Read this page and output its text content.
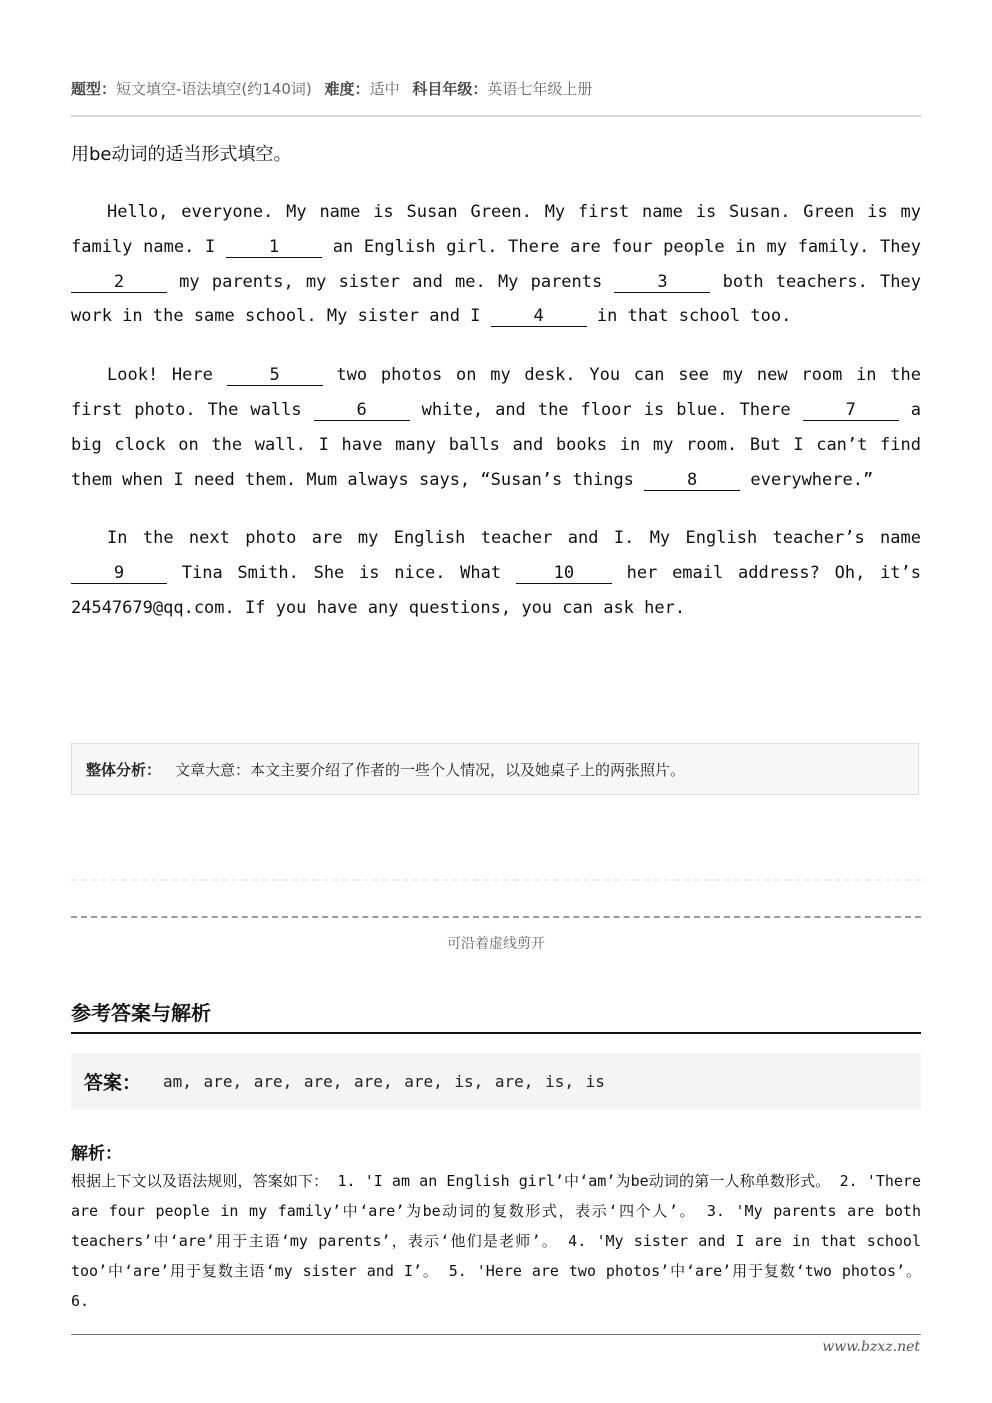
题型：短文填空-语法填空(约140词) 难度：适中 科目年级：英语七年级上册
用be动词的适当形式填空。

Hello, everyone. My name is Susan Green. My first name is Susan. Green is my family name. I	1	an English girl. There are four people in my family. They 2	my parents, my sister and me. My parents	3	both teachers. They work in the same school. My sister and I	4	in that school too.

Look! Here	5	two photos on my desk. You can see my new room in the first photo. The walls	6	white, and the floor is blue. There	7	a big clock on the wall. I have many balls and books in my room. But I can’t find them when I need them. Mum always says, “Susan’s things	8	everywhere.”

In the next photo are my English teacher and I. My English teacher’s name 9	Tina Smith. She is nice. What 10 her email address? Oh, it’s 24547679@qq.com. If you have any questions, you can ask her.

整体分析： 文章大意：本文主要介绍了作者的一些个人情况，以及她桌子上的两张照片。
可沿着虚线剪开
参考答案与解析
答案： am, are, are, are, are, are, is, are, is, is
解析：
根据上下文以及语法规则，答案如下： 1. 'I am an English girl’中‘am’为be动词的第一人称单数形式。 2. 'There are four people in my family’中‘are’为be动词的复数形式，表示‘四个人’。 3. 'My parents are both teachers’中‘are’用于主语‘my parents’，表示‘他们是老师’。 4. 'My sister and I are in that school too’中‘are’用于复数主语‘my sister and I’。 5. 'Here are two photos’中‘are’用于复数‘two photos’。 6.
www.bzxz.net
